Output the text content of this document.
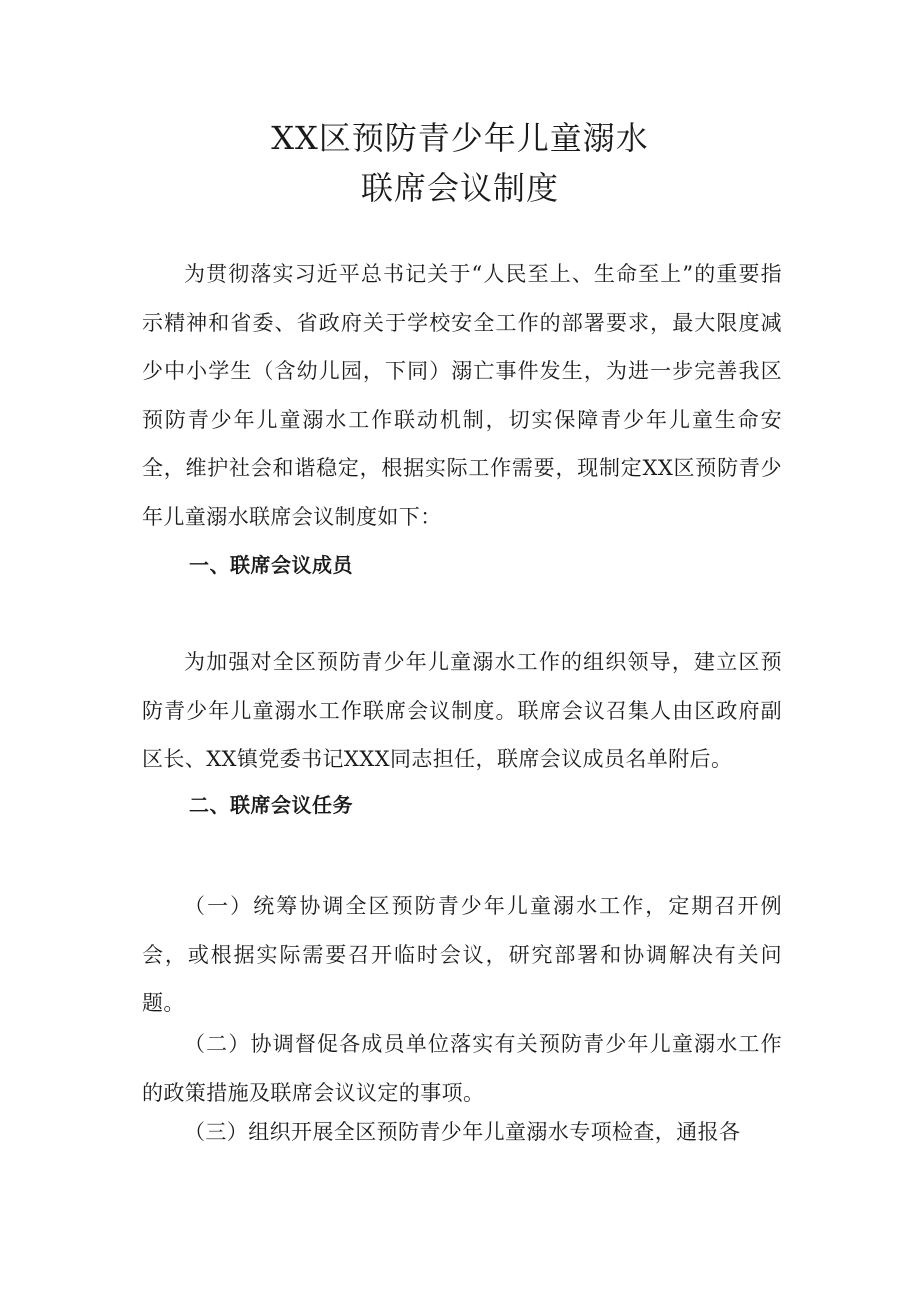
XX区预防青少年儿童溺水
联席会议制度

为贯彻落实习近平总书记关于“人民至上、生命至上”的重要指示精神和省委、省政府关于学校安全工作的部署要求，最大限度减少中小学生（含幼儿园，下同）溺亡事件发生，为进一步完善我区预防青少年儿童溺水工作联动机制，切实保障青少年儿童生命安全，维护社会和谐稳定，根据实际工作需要，现制定XX区预防青少年儿童溺水联席会议制度如下：

一、联席会议成员

为加强对全区预防青少年儿童溺水工作的组织领导，建立区预防青少年儿童溺水工作联席会议制度。联席会议召集人由区政府副区长、XX镇党委书记XXX同志担任，联席会议成员名单附后。

二、联席会议任务

（一）统筹协调全区预防青少年儿童溺水工作，定期召开例会，或根据实际需要召开临时会议，研究部署和协调解决有关问题。

（二）协调督促各成员单位落实有关预防青少年儿童溺水工作的政策措施及联席会议议定的事项。

（三）组织开展全区预防青少年儿童溺水专项检查，通报各
